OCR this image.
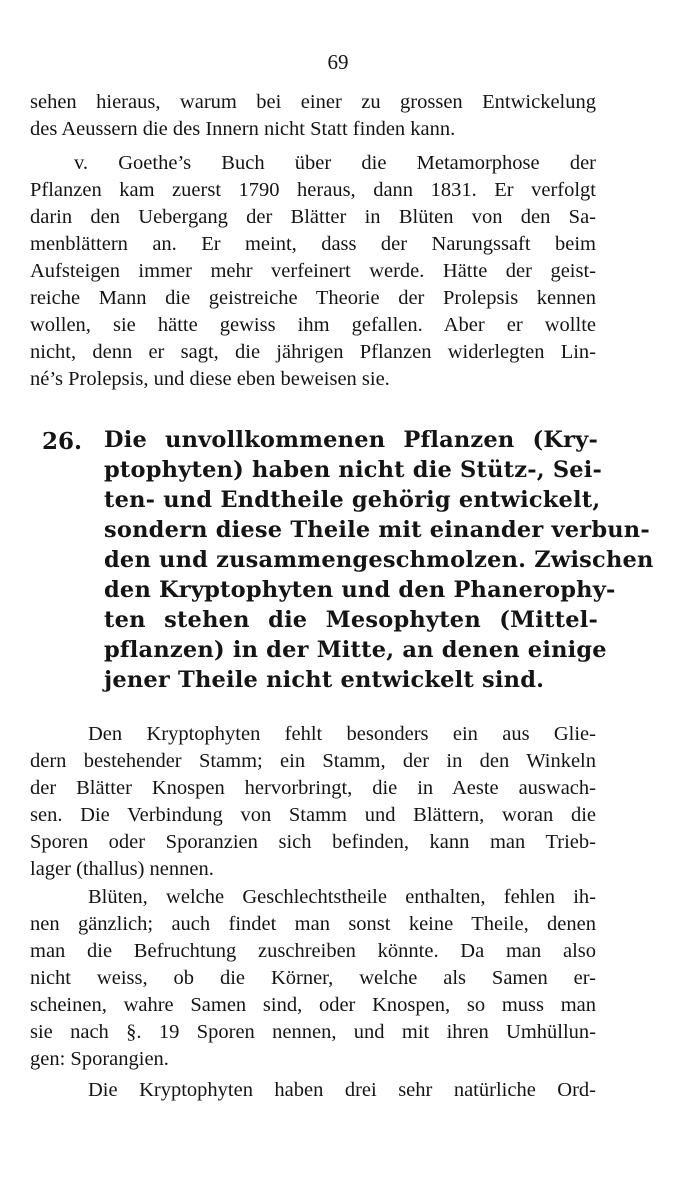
69
sehen hieraus, warum bei einer zu grossen Entwickelung
des Aeussern die des Innern nicht Statt finden kann.
v. Goethe’s Buch über die Metamorphose der
Pflanzen kam zuerst 1790 heraus, dann 1831. Er verfolgt
darin den Uebergang der Blätter in Blüten von den Sa-
menblättern an. Er meint, dass der Narungssaft beim
Aufsteigen immer mehr verfeinert werde. Hätte der geist-
reiche Mann die geistreiche Theorie der Prolepsis kennen
wollen, sie hätte gewiss ihm gefallen. Aber er wollte
nicht, denn er sagt, die jährigen Pflanzen widerlegten Lin-
né’s Prolepsis, und diese eben beweisen sie.
26. Die unvollkommenen Pflanzen (Kry-
ptophyten) haben nicht die Stütz-, Sei-
ten- und Endtheile gehörig entwickelt,
sondern diese Theile mit einander verbun-
den und zusammengeschmolzen. Zwischen
den Kryptophyten und den Phanerophy-
ten stehen die Mesophyten (Mittel-
pflanzen) in der Mitte, an denen einige
jener Theile nicht entwickelt sind.
Den Kryptophyten fehlt besonders ein aus Glie-
dern bestehender Stamm; ein Stamm, der in den Winkeln
der Blätter Knospen hervorbringt, die in Aeste auswach-
sen. Die Verbindung von Stamm und Blättern, woran die
Sporen oder Sporanzien sich befinden, kann man Trieb-
lager (thallus) nennen.
Blüten, welche Geschlechtstheile enthalten, fehlen ih-
nen gänzlich; auch findet man sonst keine Theile, denen
man die Befruchtung zuschreiben könnte. Da man also
nicht weiss, ob die Körner, welche als Samen er-
scheinen, wahre Samen sind, oder Knospen, so muss man
sie nach §. 19 Sporen nennen, und mit ihren Umhüllun-
gen: Sporangien.
Die Kryptophyten haben drei sehr natürliche Ord-
